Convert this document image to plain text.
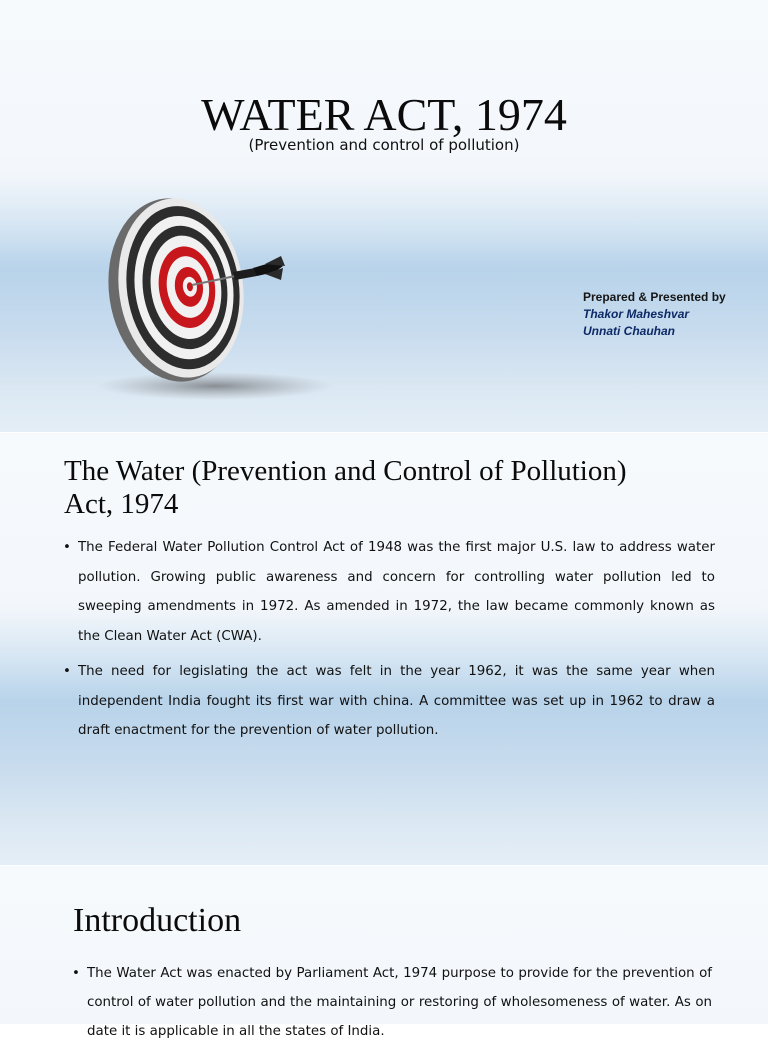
WATER ACT, 1974
(Prevention and control of pollution)
Prepared & Presented by
Thakor Maheshvar
Unnati Chauhan
The Water (Prevention and Control of Pollution)
Act, 1974
• The Federal Water Pollution Control Act of 1948 was the first major U.S. law to address water pollution. Growing public awareness and concern for controlling water pollution led to sweeping amendments in 1972. As amended in 1972, the law became commonly known as the Clean Water Act (CWA).
• The need for legislating the act was felt in the year 1962, it was the same year when independent India fought its first war with china. A committee was set up in 1962 to draw a draft enactment for the prevention of water pollution.
Introduction
• The Water Act was enacted by Parliament Act, 1974 purpose to provide for the prevention of control of water pollution and the maintaining or restoring of wholesomeness of water. As on date it is applicable in all the states of India.
